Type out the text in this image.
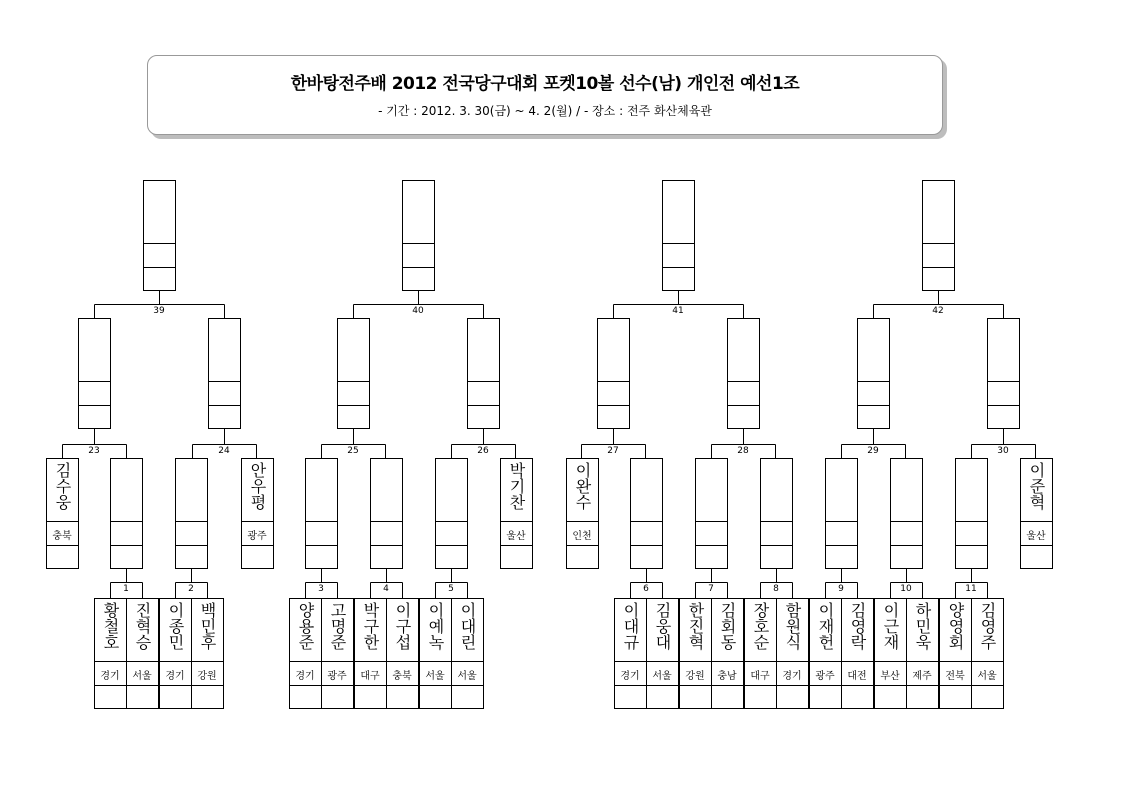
한바탕전주배 2012 전국당구대회 포켓10볼 선수(남) 개인전 예선1조
- 기간 : 2012. 3. 30(금) ~ 4. 2(월) / - 장소 : 전주 화산체육관
39
23	24
40
25	26
41
27	28
42
29	30
김수웅
충북
안우평
광주
1
황철호
경기
진혁승
서울
2
이종민
경기
백민후
강원
박기찬
울산
3
양용준
경기
고명준
광주
4
박구한
대구
이구섭
충북
5
이예녹
서울
이대린
서울
이완수
인천
6
이대규
경기
김웅대
서울
7
한진혁
강원
김회동
충남
8
장호순
대구
함원식
경기
이준혁
울산
9
이재헌
광주
김영락
대전
10
이근재
부산
하민욱
제주
11
양영회
전북
김영주
서울
